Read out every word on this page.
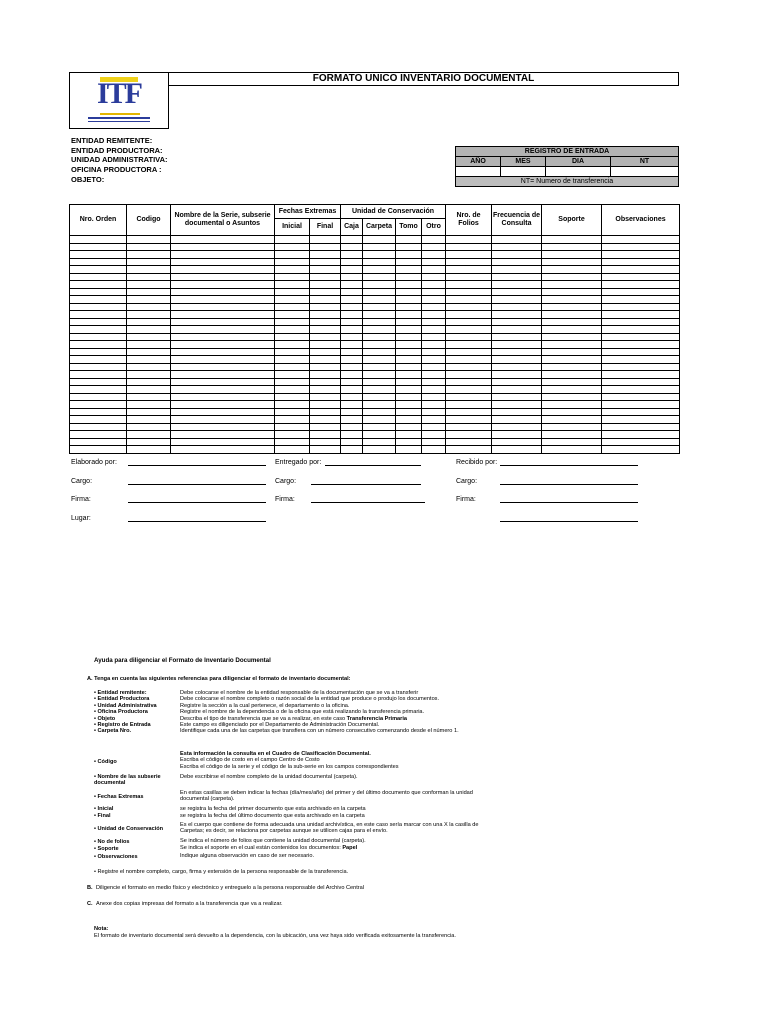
ITF	FORMATO UNICO INVENTARIO DOCUMENTAL
ENTIDAD REMITENTE:
ENTIDAD PRODUCTORA:
UNIDAD ADMINISTRATIVA:
OFICINA PRODUCTORA :
OBJETO:
REGISTRO DE ENTRADA			
AÑO	MES	DIA	NT

NT= Numero de transferencia			
Nro. Orden	Codigo	Nombre de la Serie, subserie documental o Asuntos	Fechas Extremas		Unidad de Conservación				Nro. de Folios	Frecuencia de Consulta	Soporte	Observaciones
			Inicial	Final	Caja	Carpeta	Tomo	Otro				

Elaborado por:
Cargo:
Firma:
Lugar:
Entregado por:
Cargo:
Firma:
Recibido por:
Cargo:
Firma:
Ayuda para diligenciar el Formato de Inventario Documental
A. Tenga en cuenta las siguientes referencias para diligenciar el formato de inventario documental:
• Entidad remitente:	Debe colocarse el nombre de la entidad responsable de la documentación que se va a transferir
• Entidad Productora	Debe colocarse el nombre completo o razón social de la entidad que produce o produjo los documentos.
• Unidad Administrativa	Registre la sección a la cual pertenece, el departamento o la oficina.
• Oficina Productora	Registre el nombre de la dependencia o de la oficina que está realizando la transferencia primaria.
• Objeto	Describa el tipo de transferencia que se va a realizar, en este caso Transferencia Primaria
• Registro de Entrada	Este campo es diligenciado por el Departamento de Administración Documental.
• Carpeta Nro.	Identifique cada una de las carpetas que transfiera con un número consecutivo comenzando desde el número 1.
• Código
Esta información la consulta en el Cuadro de Clasificación Documental.
Escriba el código de costo en el campo Centro de Costo
Escriba el código de la serie y el código de la sub-serie en los campos correspondientes
• Nombre de las subserie documental
Debe escribirse el nombre completo de la unidad documental (carpeta).
• Fechas Extremas
En estas casillas se deben indicar la fechas (día/mes/año) del primer y del último documento que conforman la unidad
documental (carpeta).
• Inicial	se registra la fecha del primer documento que esta archivado en la carpeta
• Final	se registra la fecha del último documento que esta archivado en la carpeta
• Unidad de Conservación
Es el cuerpo que contiene de forma adecuada una unidad archivística, en este caso sería marcar con una X la casilla de
Carpetas; es decir, se relaciona por carpetas aunque se utilicen cajas para el envío.
• No de folios	Se indica el número de folios que contiene la unidad documental (carpeta).
• Soporte	Se indica el soporte en el cual están contenidos los documentos: Papel
• Observaciones	Indique alguna observación en caso de ser necesario.
• Registre el nombre completo, cargo, firma y extensión de la persona responsable de la transferencia.
B. Diligencie el formato en medio físico y electrónico y entreguelo a la persona responsable del Archivo Central
C. Anexe dos copias impresas del formato a la transferencia que va a realizar.
Nota:
El formato de inventario documental será devuelto a la dependencia, con la ubicación, una vez haya sido verificada exitosamente la transferencia.
